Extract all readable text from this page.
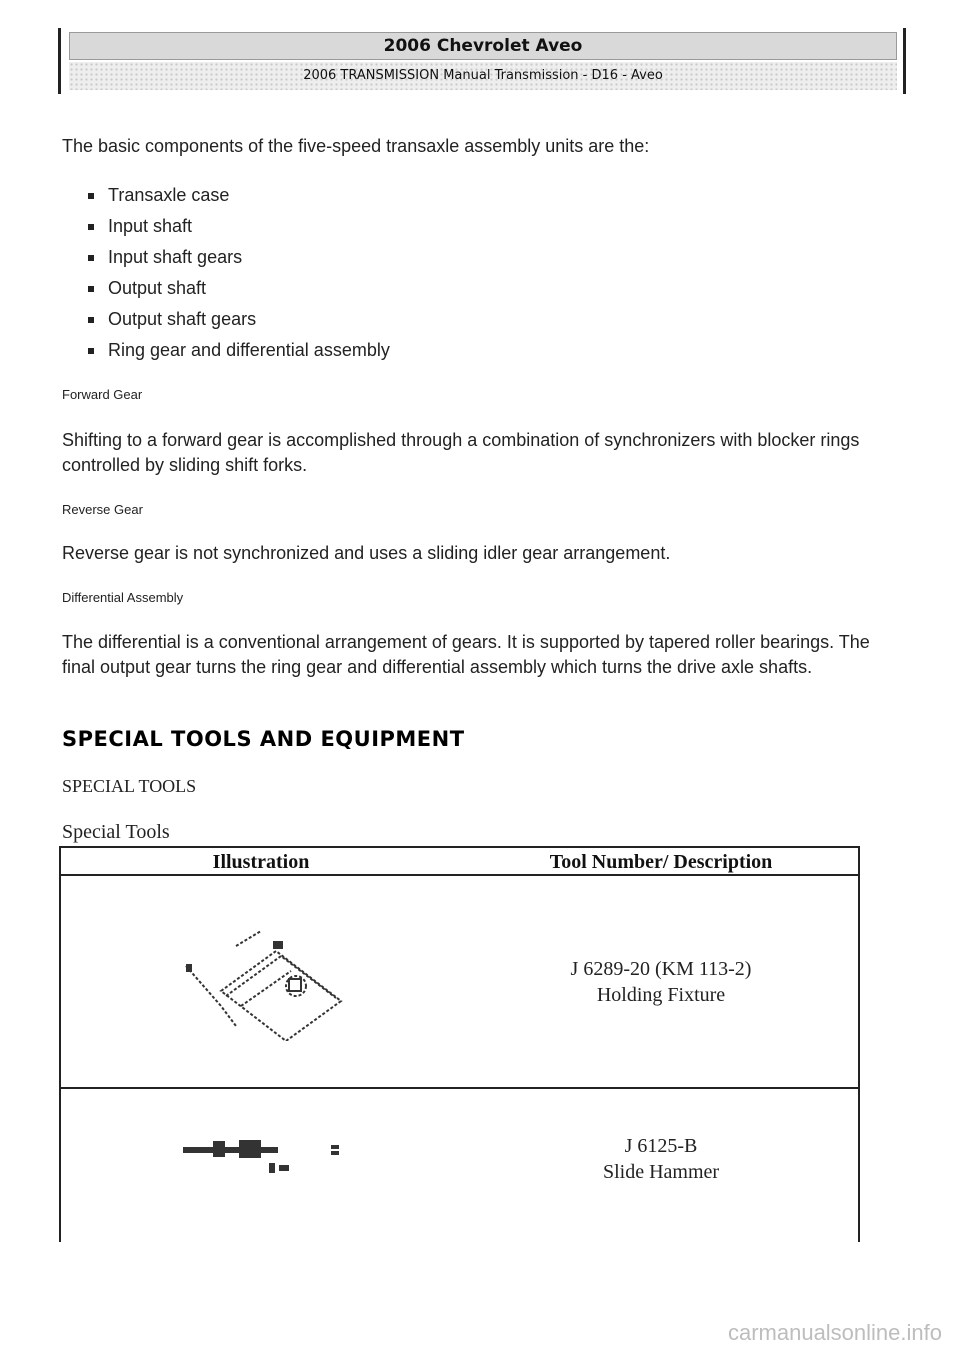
2006 Chevrolet Aveo
2006 TRANSMISSION Manual Transmission - D16 - Aveo
The basic components of the five-speed transaxle assembly units are the:
Transaxle case
Input shaft
Input shaft gears
Output shaft
Output shaft gears
Ring gear and differential assembly
Forward Gear

Shifting to a forward gear is accomplished through a combination of synchronizers with blocker rings controlled by sliding shift forks.

Reverse Gear

Reverse gear is not synchronized and uses a sliding idler gear arrangement.

Differential Assembly

The differential is a conventional arrangement of gears. It is supported by tapered roller bearings. The final output gear turns the ring gear and differential assembly which turns the drive axle shafts.

SPECIAL TOOLS AND EQUIPMENT
SPECIAL TOOLS
Special Tools
Illustration	Tool Number/ Description
J 6289-20 (KM 113-2)
Holding Fixture
J 6125-B
Slide Hammer
carmanualsonline.info
